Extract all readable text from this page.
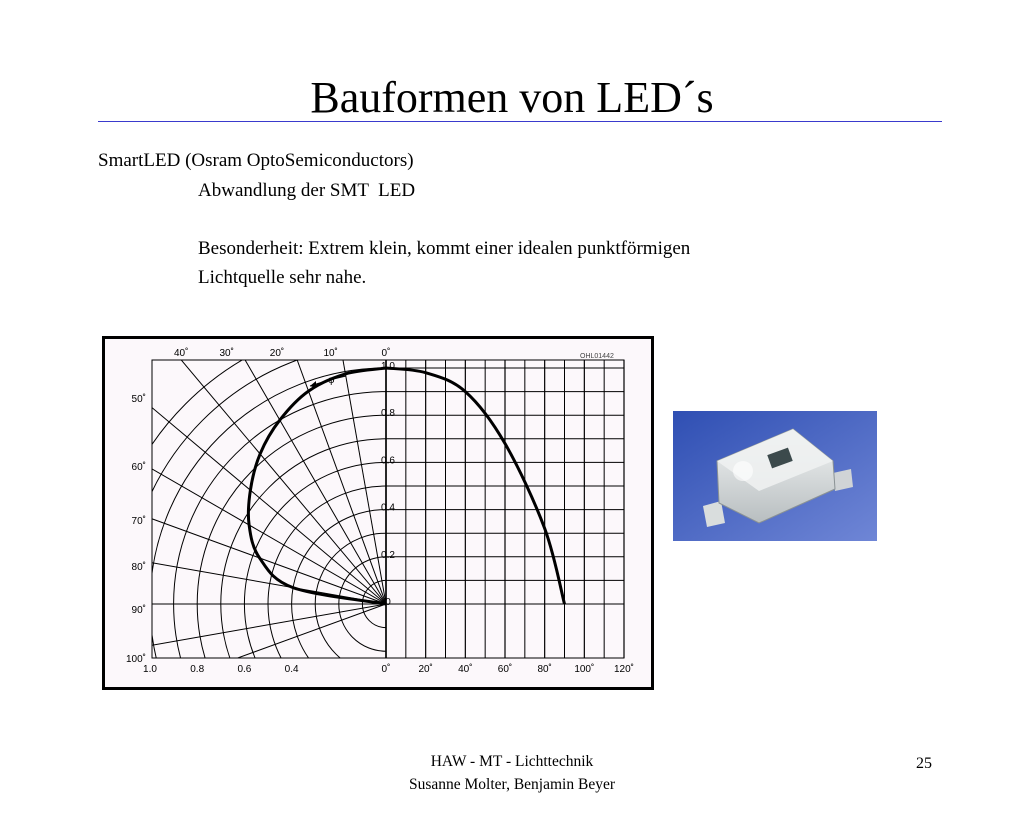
Bauformen von LED´s
SmartLED (Osram OptoSemiconductors)
Abwandlung der SMT  LED
Besonderheit: Extrem klein, kommt einer idealen punktförmigen
Lichtquelle sehr nahe.
40˚	30˚	20˚	10˚	0˚
50˚
60˚
70˚
80˚
90˚
100˚
1.0
0.8
0.6
0.4
0.2
0
1.0	0.8	0.6	0.4	0˚	20˚	40˚	60˚	80˚ 100˚ 120˚
OHL01442
φ
HAW - MT - Lichttechnik
Susanne Molter, Benjamin Beyer
25
